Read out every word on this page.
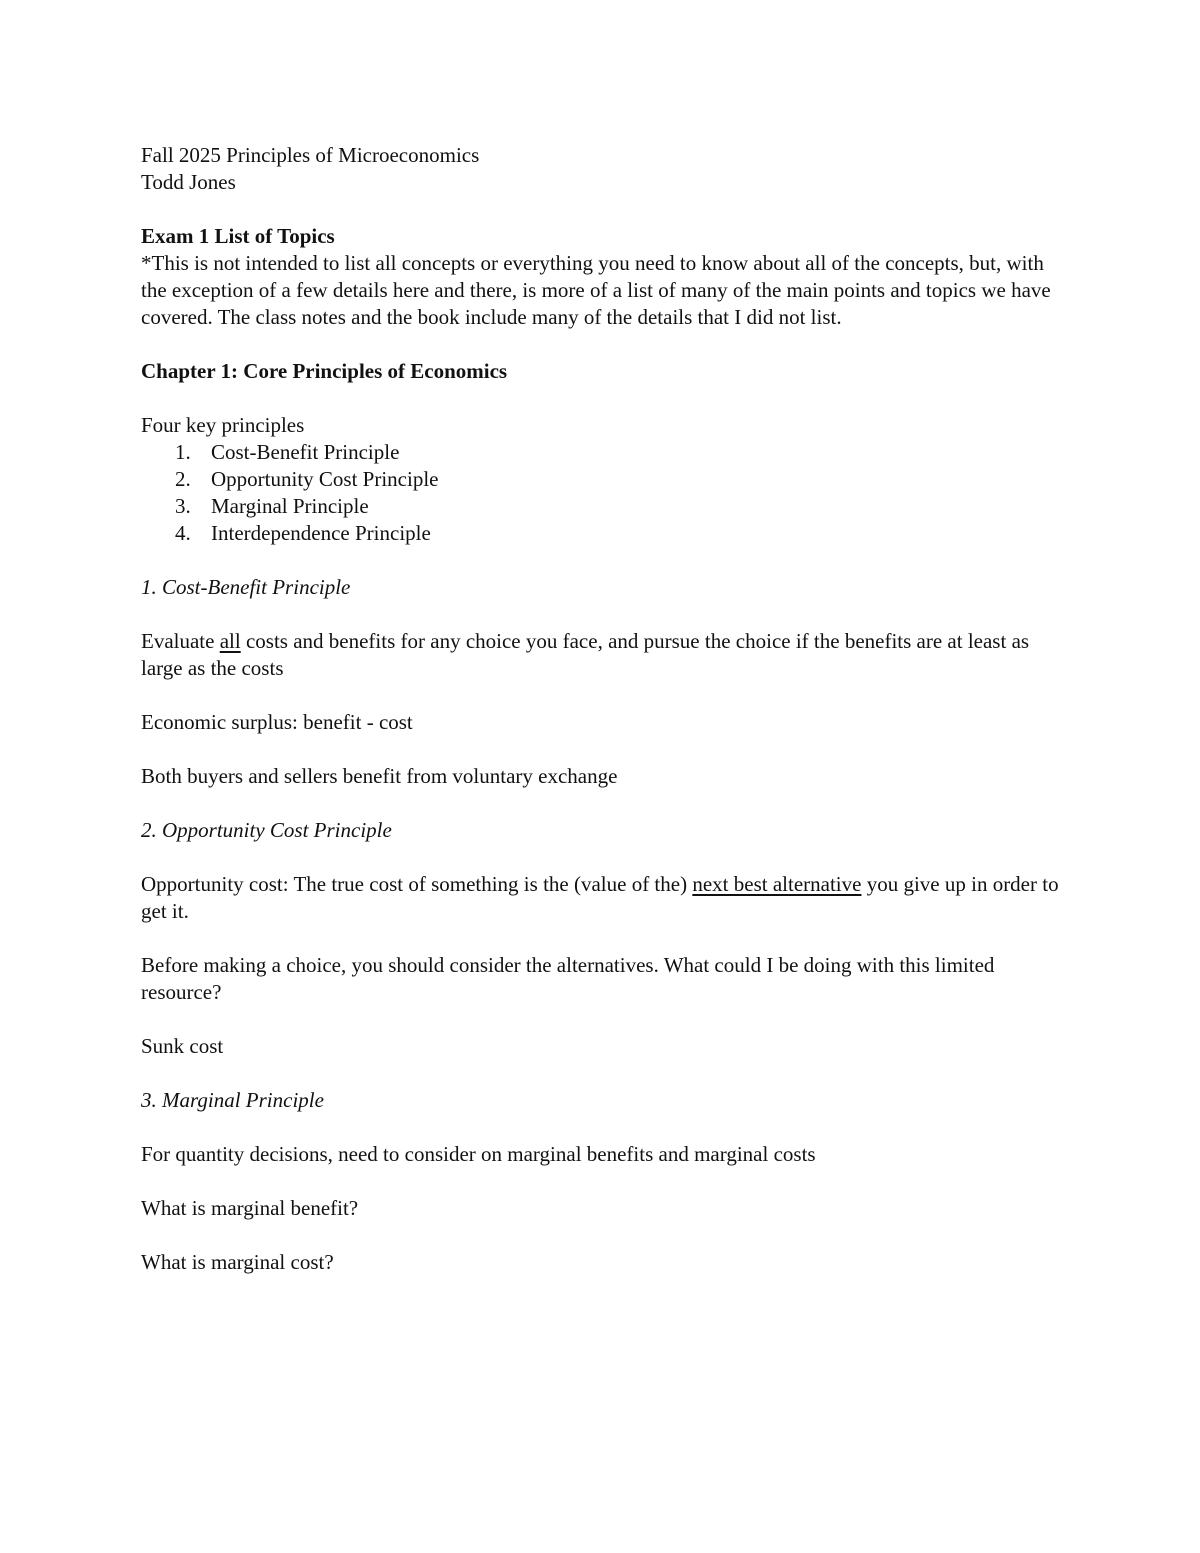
Fall 2025 Principles of Microeconomics

Todd Jones

Exam 1 List of Topics

*This is not intended to list all concepts or everything you need to know about all of the concepts, but, with the exception of a few details here and there, is more of a list of many of the main points and topics we have covered. The class notes and the book include many of the details that I did not list.

Chapter 1: Core Principles of Economics

Four key principles

1. Cost-Benefit Principle
2. Opportunity Cost Principle
3. Marginal Principle
4. Interdependence Principle

1. Cost-Benefit Principle

Evaluate all costs and benefits for any choice you face, and pursue the choice if the benefits are at least as large as the costs

Economic surplus: benefit - cost

Both buyers and sellers benefit from voluntary exchange

2. Opportunity Cost Principle

Opportunity cost: The true cost of something is the (value of the) next best alternative you give up in order to get it.

Before making a choice, you should consider the alternatives. What could I be doing with this limited resource?

Sunk cost

3. Marginal Principle

For quantity decisions, need to consider on marginal benefits and marginal costs

What is marginal benefit?

What is marginal cost?
